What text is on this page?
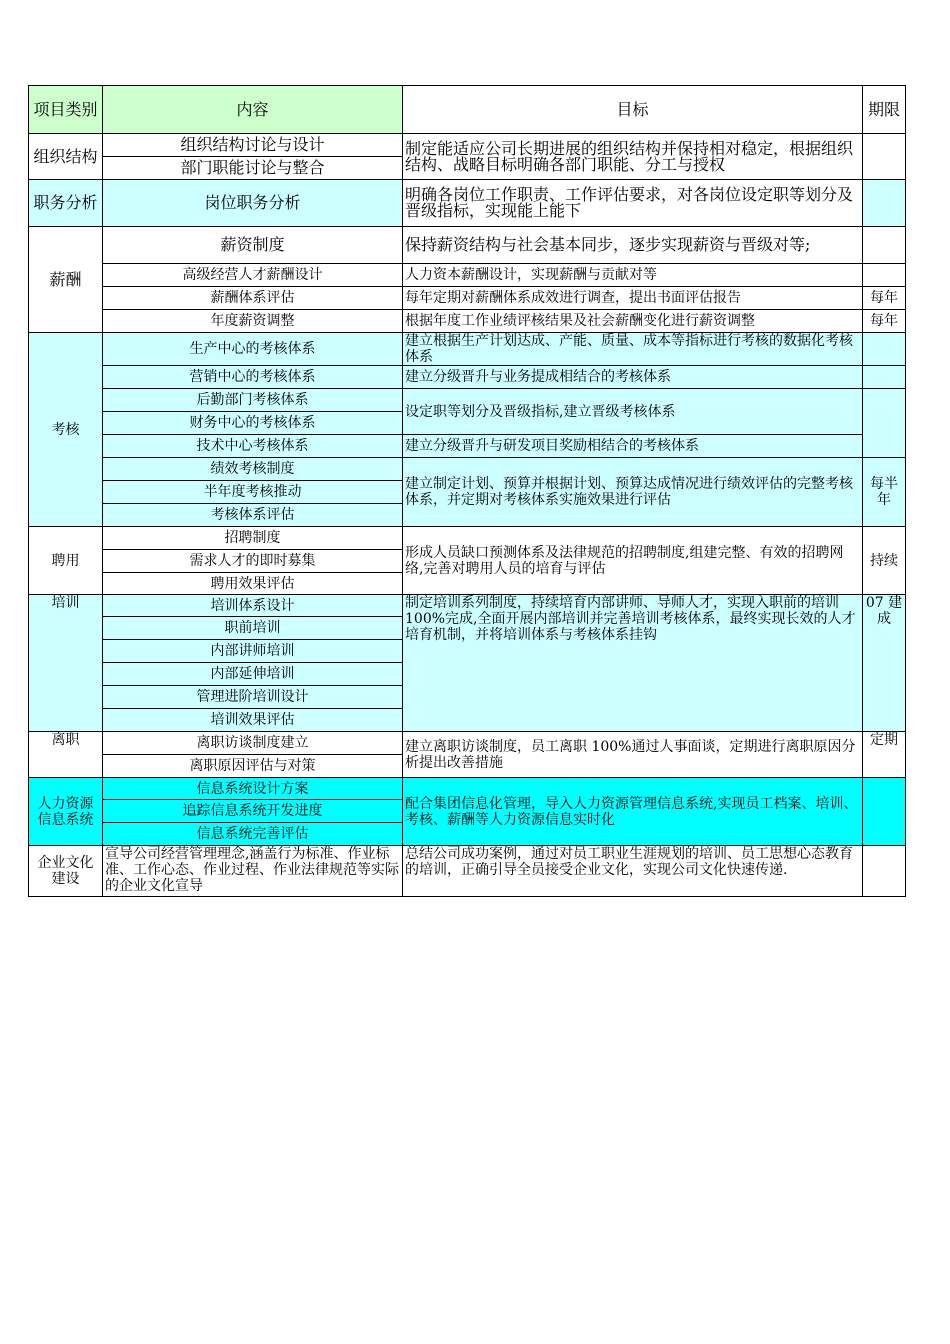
项目类别	内容	目标	期限
组织结构	组织结构讨论与设计	制定能适应公司长期进展的组织结构并保持相对稳定，根据组织结构、战略目标明确各部门职能、分工与授权	
	部门职能讨论与整合		
职务分析	岗位职务分析	明确各岗位工作职责、工作评估要求，对各岗位设定职等划分及晋级指标，实现能上能下	
薪酬	薪资制度	保持薪资结构与社会基本同步，逐步实现薪资与晋级对等;	
	高级经营人才薪酬设计	人力资本薪酬设计，实现薪酬与贡献对等	
	薪酬体系评估	每年定期对薪酬体系成效进行调查，提出书面评估报告	每年
	年度薪资调整	根据年度工作业绩评核结果及社会薪酬变化进行薪资调整	每年
考核	生产中心的考核体系	建立根据生产计划达成、产能、质量、成本等指标进行考核的数据化考核体系	
	营销中心的考核体系	建立分级晋升与业务提成相结合的考核体系	
	后勤部门考核体系	设定职等划分及晋级指标,建立晋级考核体系	
	财务中心的考核体系		
	技术中心考核体系	建立分级晋升与研发项目奖励相结合的考核体系	
	绩效考核制度	建立制定计划、预算并根据计划、预算达成情况进行绩效评估的完整考核体系，并定期对考核体系实施效果进行评估	每半年
	半年度考核推动		
	考核体系评估		
聘用	招聘制度	形成人员缺口预测体系及法律规范的招聘制度,组建完整、有效的招聘网络,完善对聘用人员的培育与评估	持续
	需求人才的即时募集		
	聘用效果评估		
培训	培训体系设计	制定培训系列制度，持续培育内部讲师、导师人才，实现入职前的培训 100%完成,全面开展内部培训并完善培训考核体系，最终实现长效的人才培育机制，并将培训体系与考核体系挂钩	07 建成
	职前培训		
	内部讲师培训		
	内部延伸培训		
	管理进阶培训设计		
	培训效果评估		
离职	离职访谈制度建立	建立离职访谈制度，员工离职 100%通过人事面谈，定期进行离职原因分析提出改善措施	定期
	离职原因评估与对策		
人力资源信息系统	信息系统设计方案	配合集团信息化管理，导入人力资源管理信息系统,实现员工档案、培训、考核、薪酬等人力资源信息实时化	
	追踪信息系统开发进度		
	信息系统完善评估		
企业文化建设	宣导公司经营管理理念,涵盖行为标准、作业标准、工作心态、作业过程、作业法律规范等实际的企业文化宣导	总结公司成功案例，通过对员工职业生涯规划的培训、员工思想心态教育的培训，正确引导全员接受企业文化，实现公司文化快速传递.	
